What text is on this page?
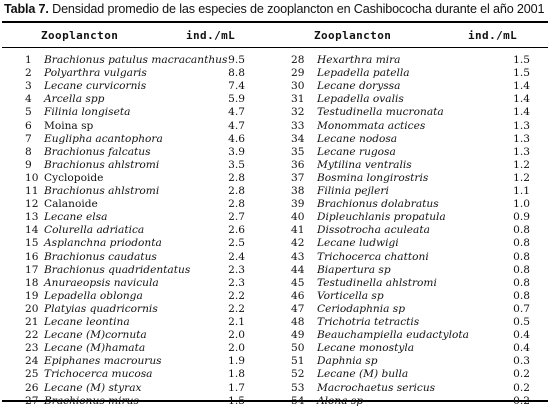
Tabla 7. Densidad promedio de las especies de zooplancton en Cashibococha durante el año 2001
Zooplancton	ind./mL	Zooplancton	ind./mL
1 Brachionus patulus macracanthus 9.5
2 Polyarthra vulgaris	8.8
3 Lecane curvicornis	7.4
4 Arcella spp	5.9
5 Filinia longiseta	4.7
6 Moina sp	4.7
7 Euglipha acantophora	4.6
8 Brachionus falcatus	3.9
9 Brachionus ahlstromi	3.5
10 Cyclopoide	2.8
11 Brachionus ahlstromi	2.8
12 Calanoide	2.8
13 Lecane elsa	2.7
14 Colurella adriatica	2.6
15 Asplanchna priodonta	2.5
16 Brachionus caudatus	2.4
17 Brachionus quadridentatus	2.3
18 Anuraeopsis navicula	2.3
19 Lepadella oblonga	2.2
20 Platyias quadricornis	2.2
21 Lecane leontina	2.1
22 Lecane (M)cornuta	2.0
23 Lecane (M)hamata	2.0
24 Epiphanes macrourus	1.9
25 Trichocerca mucosa	1.8
26 Lecane (M) styrax	1.7
27 Brachionus mirus	1.5
28 Hexarthra mira	1.5
29 Lepadella patella	1.5
30 Lecane doryssa	1.4
31 Lepadella ovalis	1.4
32 Testudinella mucronata	1.4
33 Monommata actices	1.3
34 Lecane nodosa	1.3
35 Lecane rugosa	1.3
36 Mytilina ventralis	1.2
37 Bosmina longirostris	1.2
38 Filinia pejleri	1.1
39 Brachionus dolabratus	1.0
40 Dipleuchlanis propatula	0.9
41 Dissotrocha aculeata	0.8
42 Lecane ludwigi	0.8
43 Trichocerca chattoni	0.8
44 Biapertura sp	0.8
45 Testudinella ahlstromi	0.8
46 Vorticella sp	0.8
47 Ceriodaphnia sp	0.7
48 Trichotria tetractis	0.5
49 Beauchampiella eudactylota	0.4
50 Lecane monostyla	0.4
51 Daphnia sp	0.3
52 Lecane (M) bulla	0.2
53 Macrochaetus sericus	0.2
54 Alona sp	0.2
